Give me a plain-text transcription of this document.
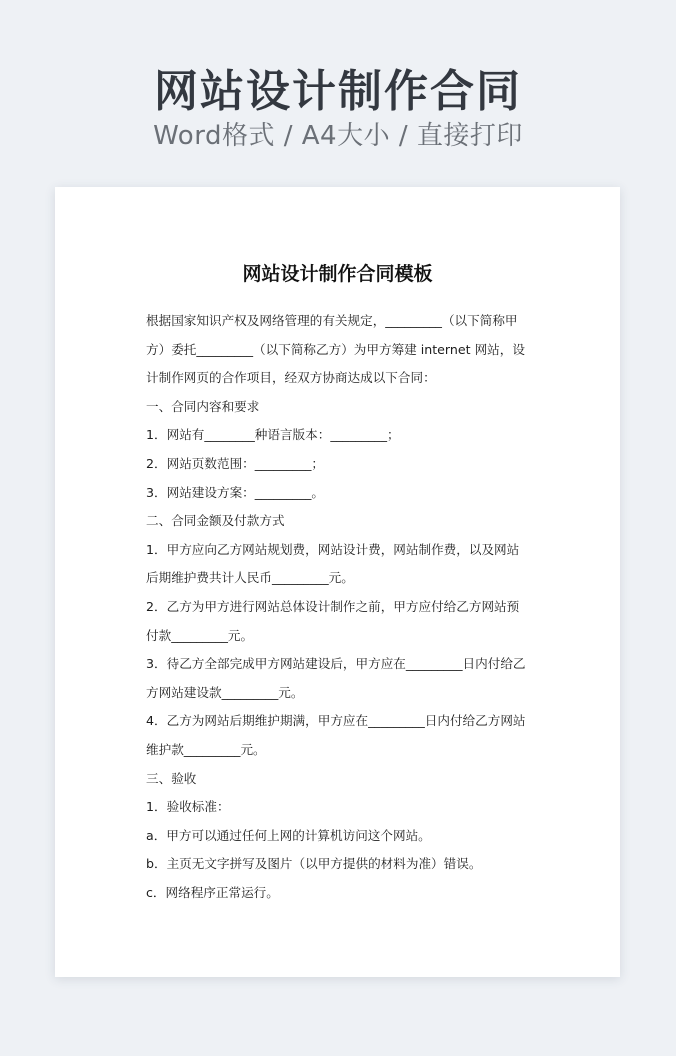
网站设计制作合同
Word格式 / A4大小 / 直接打印
网站设计制作合同模板
根据国家知识产权及网络管理的有关规定，_________（以下简称甲
方）委托_________（以下简称乙方）为甲方筹建 internet 网站，设
计制作网页的合作项目，经双方协商达成以下合同：
一、合同内容和要求
1．网站有________种语言版本：_________；
2．网站页数范围：_________；
3．网站建设方案：_________。
二、合同金额及付款方式
1．甲方应向乙方网站规划费，网站设计费，网站制作费，以及网站
后期维护费共计人民币_________元。
2．乙方为甲方进行网站总体设计制作之前，甲方应付给乙方网站预
付款_________元。
3．待乙方全部完成甲方网站建设后，甲方应在_________日内付给乙
方网站建设款_________元。
4．乙方为网站后期维护期满，甲方应在_________日内付给乙方网站
维护款_________元。
三、验收
1．验收标准：
a．甲方可以通过任何上网的计算机访问这个网站。
b．主页无文字拼写及图片（以甲方提供的材料为准）错误。
c．网络程序正常运行。
